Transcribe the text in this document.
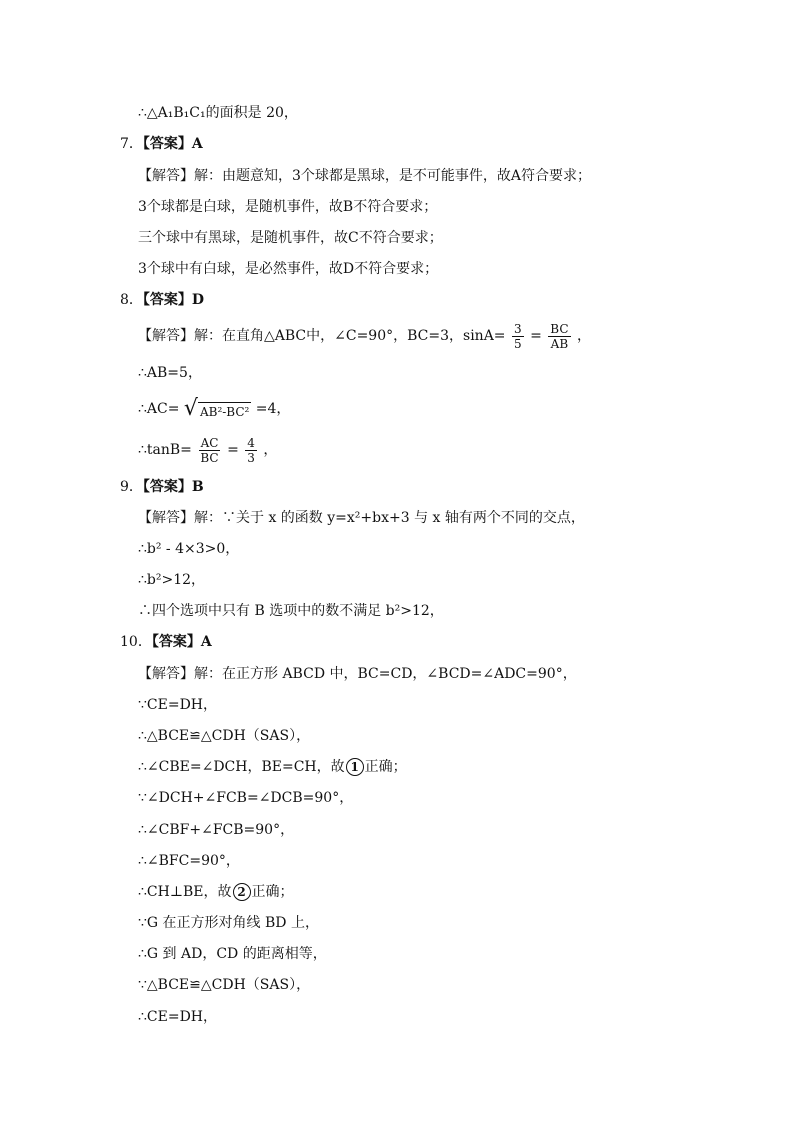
∴△A₁B₁C₁的面积是 20，
7．【答案】A
【解答】解：由题意知，3个球都是黑球，是不可能事件，故A符合要求；
3个球都是白球，是随机事件，故B不符合要求；
三个球中有黑球，是随机事件，故C不符合要求；
3个球中有白球，是必然事件，故D不符合要求；
8．【答案】D
【解答】解：在直角△ABC中，∠C=90°，BC=3，$\sin A= \frac{3}{5} = \frac{BC}{AB}$ ，
∴AB=5，
∴AC= √ AB²-BC² =4，
∴tanB= $\frac{AC}{BC} = \frac{4}{3}$ ，
9．【答案】B
【解答】解：∵关于 x 的函数 y=x²+bx+3 与 x 轴有两个不同的交点，
∴b² - 4×3>0，
∴b²>12，
∴四个选项中只有 B 选项中的数不满足 b²>12，
10．【答案】A
【解答】解：在正方形 ABCD 中，BC=CD，∠BCD=∠ADC=90°，
∵CE=DH，
∴△BCE≌△CDH（SAS），
∴∠CBE=∠DCH，BE=CH，故 1 正确；
∵∠DCH+∠FCB=∠DCB=90°，
∴∠CBF+∠FCB=90°，
∴∠BFC=90°，
∴CH⊥BE，故 2 正确；
∵G 在正方形对角线 BD 上，
∴G 到 AD，CD 的距离相等，
∵△BCE≌△CDH（SAS），
∴CE=DH，
